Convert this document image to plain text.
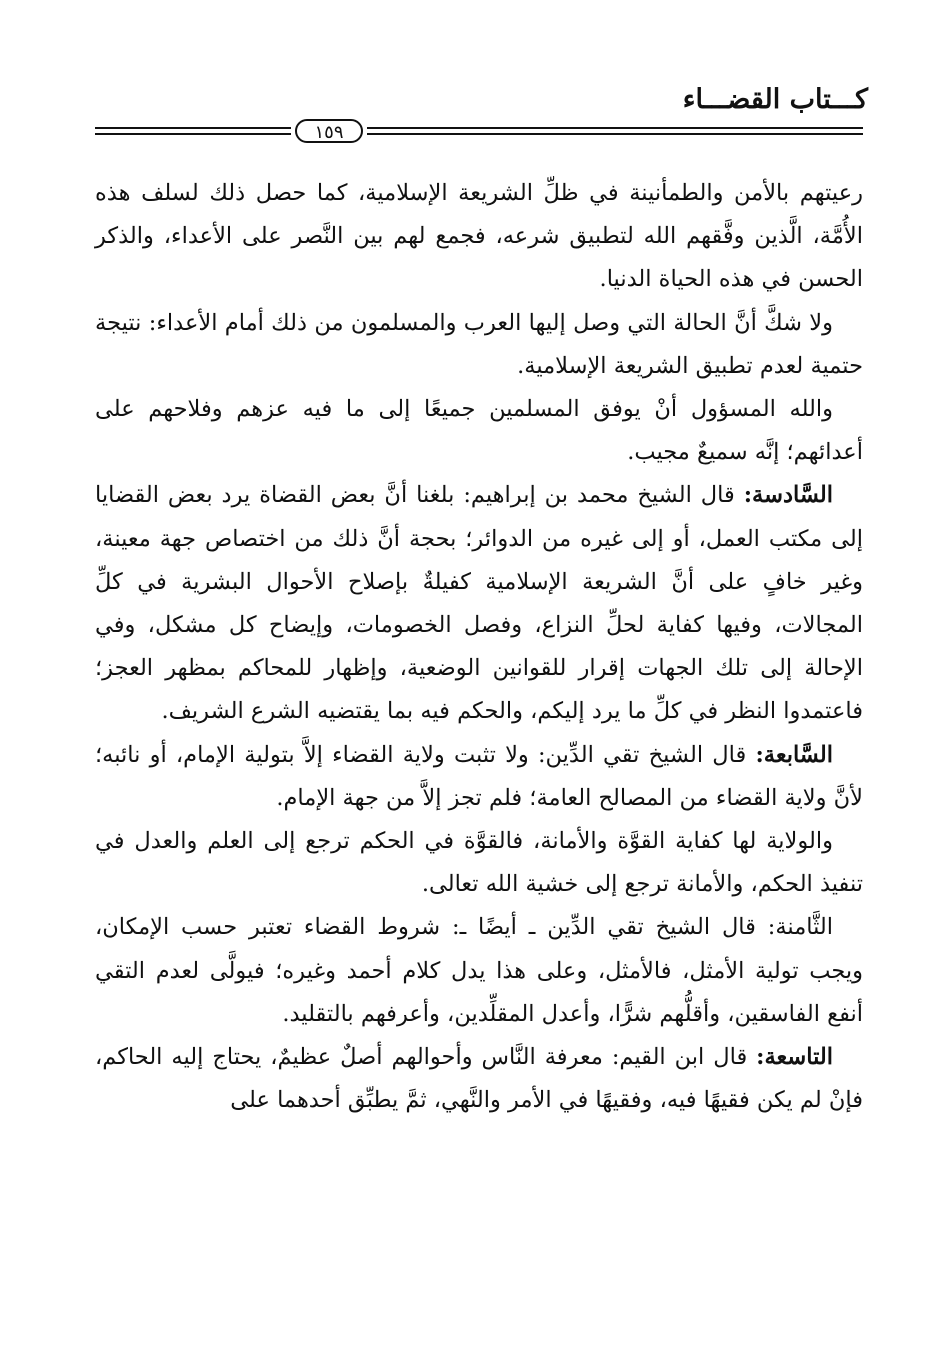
كـــتاب القضـــاء
١٥٩

رعيتهم بالأمن والطمأنينة في ظلِّ الشريعة الإسلامية، كما حصل ذلك لسلف هذه الأُمَّة، الَّذين وفَّقهم الله لتطبيق شرعه، فجمع لهم بين النَّصر على الأعداء، والذكر الحسن في هذه الحياة الدنيا.

ولا شكَّ أنَّ الحالة التي وصل إليها العرب والمسلمون من ذلك أمام الأعداء: نتيجة حتمية لعدم تطبيق الشريعة الإسلامية.

والله المسؤول أنْ يوفق المسلمين جميعًا إلى ما فيه عزهم وفلاحهم على أعدائهم؛ إنَّه سميعٌ مجيب.

السَّادسة: قال الشيخ محمد بن إبراهيم: بلغنا أنَّ بعض القضاة يرد بعض القضايا إلى مكتب العمل، أو إلى غيره من الدوائر؛ بحجة أنَّ ذلك من اختصاص جهة معينة، وغير خافٍ على أنَّ الشريعة الإسلامية كفيلةٌ بإصلاح الأحوال البشرية في كلِّ المجالات، وفيها كفاية لحلِّ النزاع، وفصل الخصومات، وإيضاح كل مشكل، وفي الإحالة إلى تلك الجهات إقرار للقوانين الوضعية، وإظهار للمحاكم بمظهر العجز؛ فاعتمدوا النظر في كلِّ ما يرد إليكم، والحكم فيه بما يقتضيه الشرع الشريف.

السَّابعة: قال الشيخ تقي الدِّين: ولا تثبت ولاية القضاء إلاَّ بتولية الإمام، أو نائبه؛ لأنَّ ولاية القضاء من المصالح العامة؛ فلم تجز إلاَّ من جهة الإمام.

والولاية لها كفاية القوَّة والأمانة، فالقوَّة في الحكم ترجع إلى العلم والعدل في تنفيذ الحكم، والأمانة ترجع إلى خشية الله تعالى.

الثَّامنة: قال الشيخ تقي الدِّين ـ أيضًا ـ: شروط القضاء تعتبر حسب الإمكان، ويجب تولية الأمثل، فالأمثل، وعلى هذا يدل كلام أحمد وغيره؛ فيولَّى لعدم التقي أنفع الفاسقين، وأقلُّهم شرًّا، وأعدل المقلِّدين، وأعرفهم بالتقليد.

التاسعة: قال ابن القيم: معرفة النَّاس وأحوالهم أصلٌ عظيمٌ، يحتاج إليه الحاكم، فإنْ لم يكن فقيهًا فيه، وفقيهًا في الأمر والنَّهي، ثمَّ يطبِّق أحدهما على
